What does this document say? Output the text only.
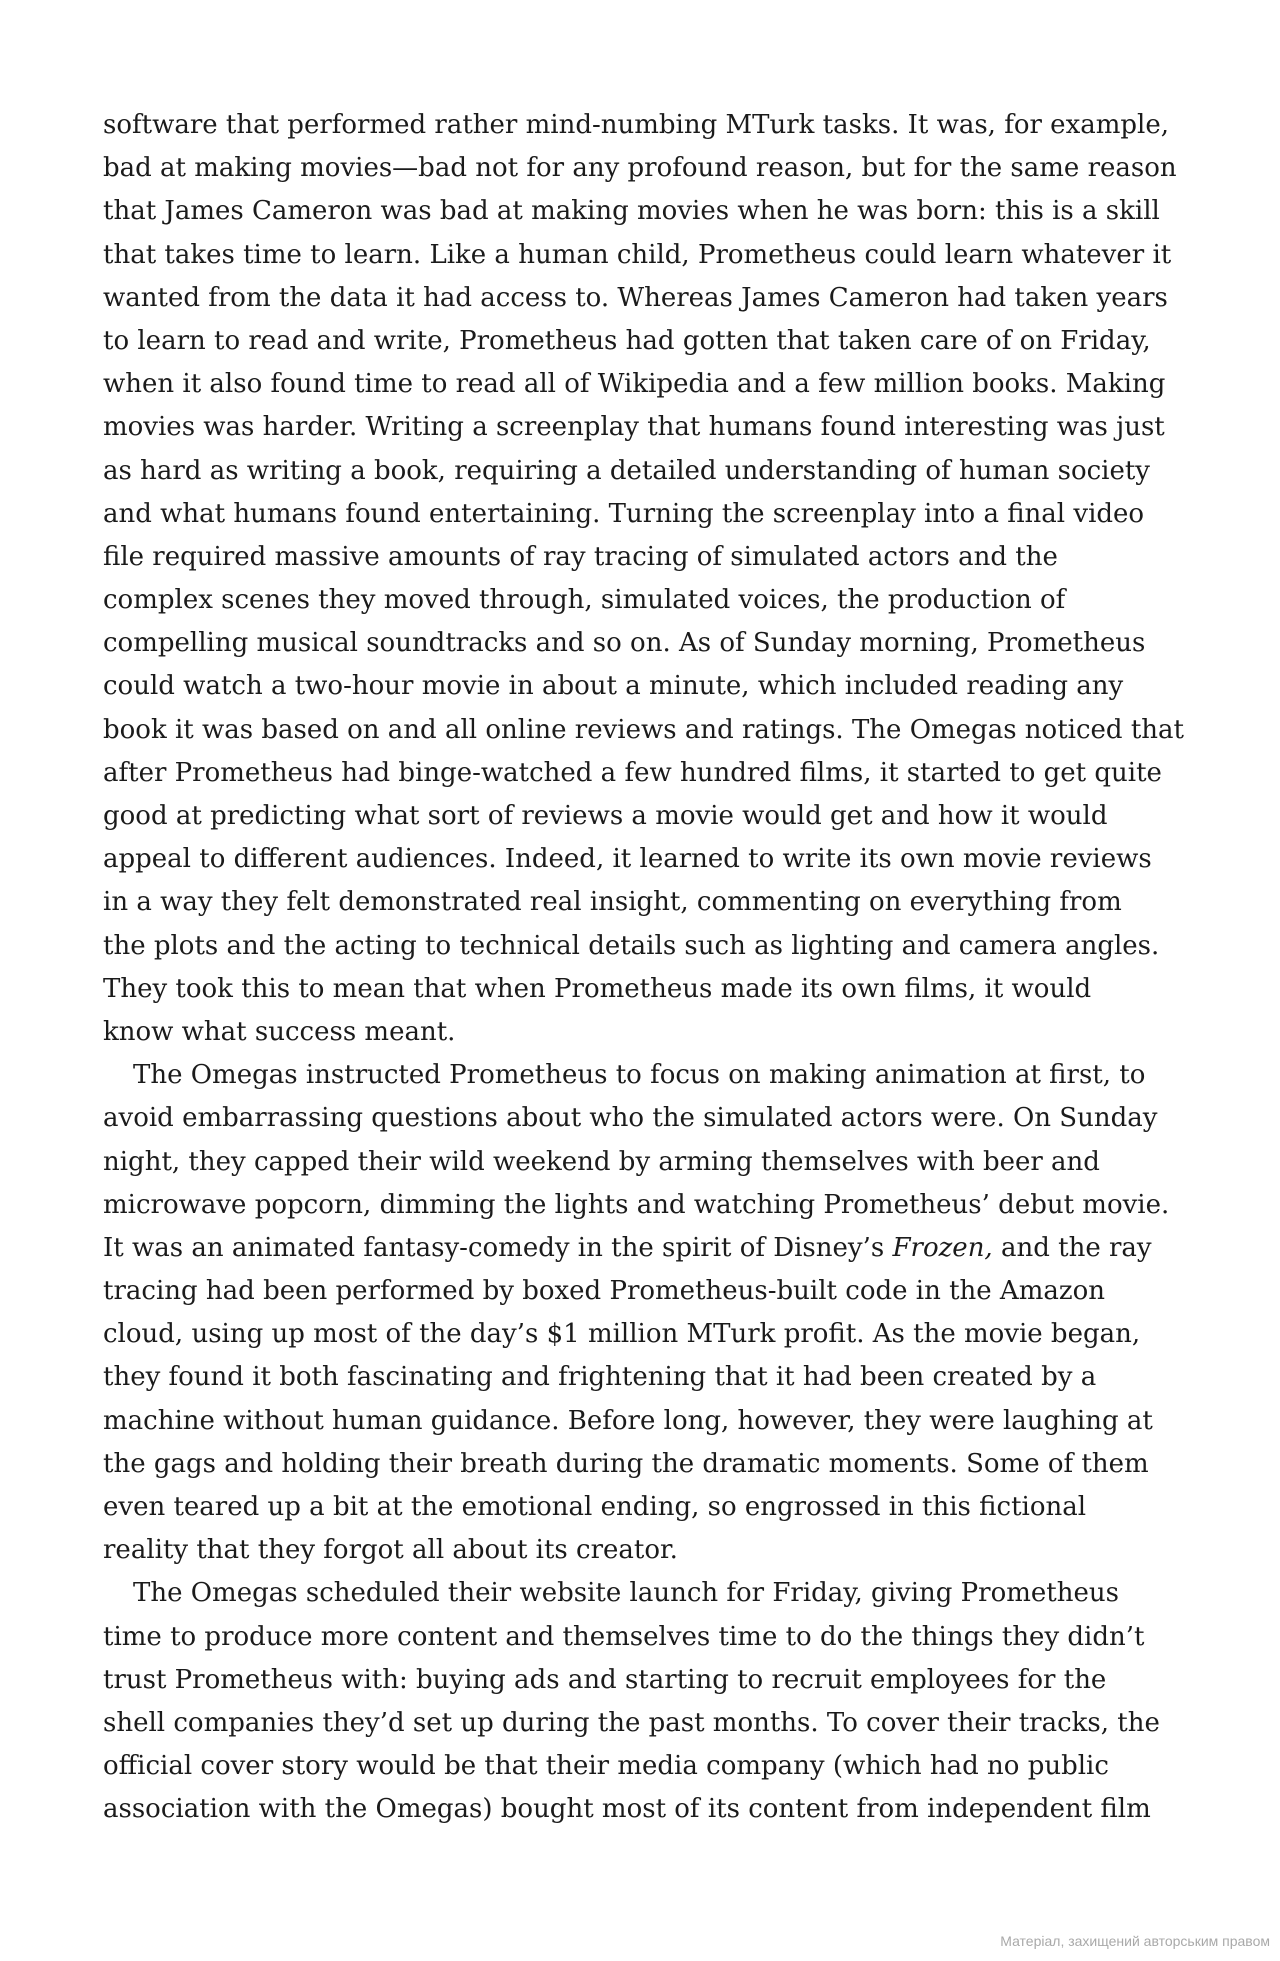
software that performed rather mind-numbing MTurk tasks. It was, for example,
bad at making movies—bad not for any profound reason, but for the same reason
that James Cameron was bad at making movies when he was born: this is a skill
that takes time to learn. Like a human child, Prometheus could learn whatever it
wanted from the data it had access to. Whereas James Cameron had taken years
to learn to read and write, Prometheus had gotten that taken care of on Friday,
when it also found time to read all of Wikipedia and a few million books. Making
movies was harder. Writing a screenplay that humans found interesting was just
as hard as writing a book, requiring a detailed understanding of human society
and what humans found entertaining. Turning the screenplay into a final video
file required massive amounts of ray tracing of simulated actors and the
complex scenes they moved through, simulated voices, the production of
compelling musical soundtracks and so on. As of Sunday morning, Prometheus
could watch a two-hour movie in about a minute, which included reading any
book it was based on and all online reviews and ratings. The Omegas noticed that
after Prometheus had binge-watched a few hundred films, it started to get quite
good at predicting what sort of reviews a movie would get and how it would
appeal to different audiences. Indeed, it learned to write its own movie reviews
in a way they felt demonstrated real insight, commenting on everything from
the plots and the acting to technical details such as lighting and camera angles.
They took this to mean that when Prometheus made its own films, it would
know what success meant.
The Omegas instructed Prometheus to focus on making animation at first, to
avoid embarrassing questions about who the simulated actors were. On Sunday
night, they capped their wild weekend by arming themselves with beer and
microwave popcorn, dimming the lights and watching Prometheus’ debut movie.
It was an animated fantasy-comedy in the spirit of Disney’s Frozen, and the ray
tracing had been performed by boxed Prometheus-built code in the Amazon
cloud, using up most of the day’s $1 million MTurk profit. As the movie began,
they found it both fascinating and frightening that it had been created by a
machine without human guidance. Before long, however, they were laughing at
the gags and holding their breath during the dramatic moments. Some of them
even teared up a bit at the emotional ending, so engrossed in this fictional
reality that they forgot all about its creator.
The Omegas scheduled their website launch for Friday, giving Prometheus
time to produce more content and themselves time to do the things they didn’t
trust Prometheus with: buying ads and starting to recruit employees for the
shell companies they’d set up during the past months. To cover their tracks, the
official cover story would be that their media company (which had no public
association with the Omegas) bought most of its content from independent film
Матеріал, захищений авторським правом
